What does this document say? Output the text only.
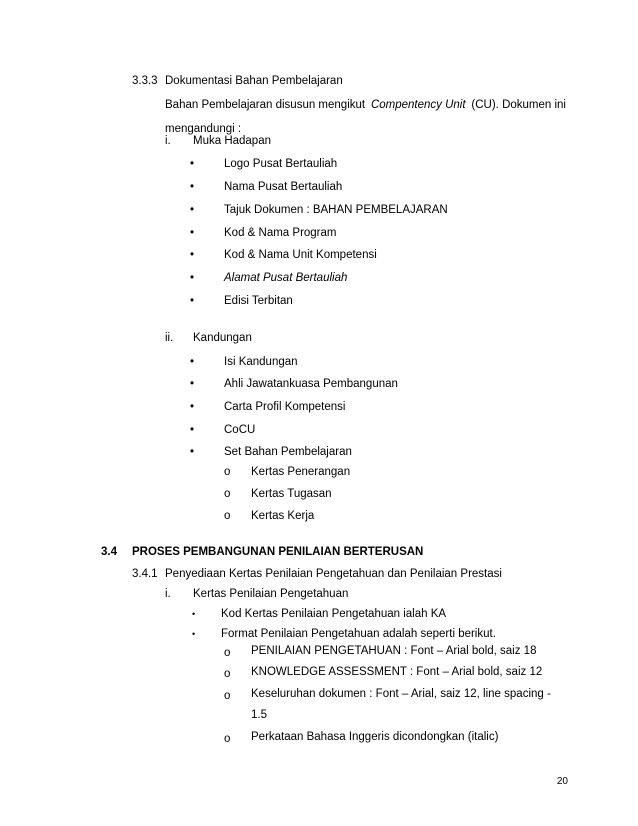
3.3.3 Dokumentasi Bahan Pembelajaran
Bahan Pembelajaran disusun mengikut Compentency Unit (CU). Dokumen ini
mengandungi :
i. Muka Hadapan
•	Logo Pusat Bertauliah
•	Nama Pusat Bertauliah
•	Tajuk Dokumen : BAHAN PEMBELAJARAN
•	Kod & Nama Program
•	Kod & Nama Unit Kompetensi
•	Alamat Pusat Bertauliah
•	Edisi Terbitan
ii. Kandungan
•	Isi Kandungan
•	Ahli Jawatankuasa Pembangunan
•	Carta Profil Kompetensi
•	CoCU
•	Set Bahan Pembelajaran
o Kertas Penerangan
o Kertas Tugasan
o Kertas Kerja
3.4 PROSES PEMBANGUNAN PENILAIAN BERTERUSAN
3.4.1 Penyediaan Kertas Penilaian Pengetahuan dan Penilaian Prestasi
i. Kertas Penilaian Pengetahuan
• Kod Kertas Penilaian Pengetahuan ialah KA
• Format Penilaian Pengetahuan adalah seperti berikut.
o PENILAIAN PENGETAHUAN : Font – Arial bold, saiz 18
o KNOWLEDGE ASSESSMENT : Font – Arial bold, saiz 12
o Keseluruhan dokumen : Font – Arial, saiz 12, line spacing -
1.5
o Perkataan Bahasa Inggeris dicondongkan (italic)
20
